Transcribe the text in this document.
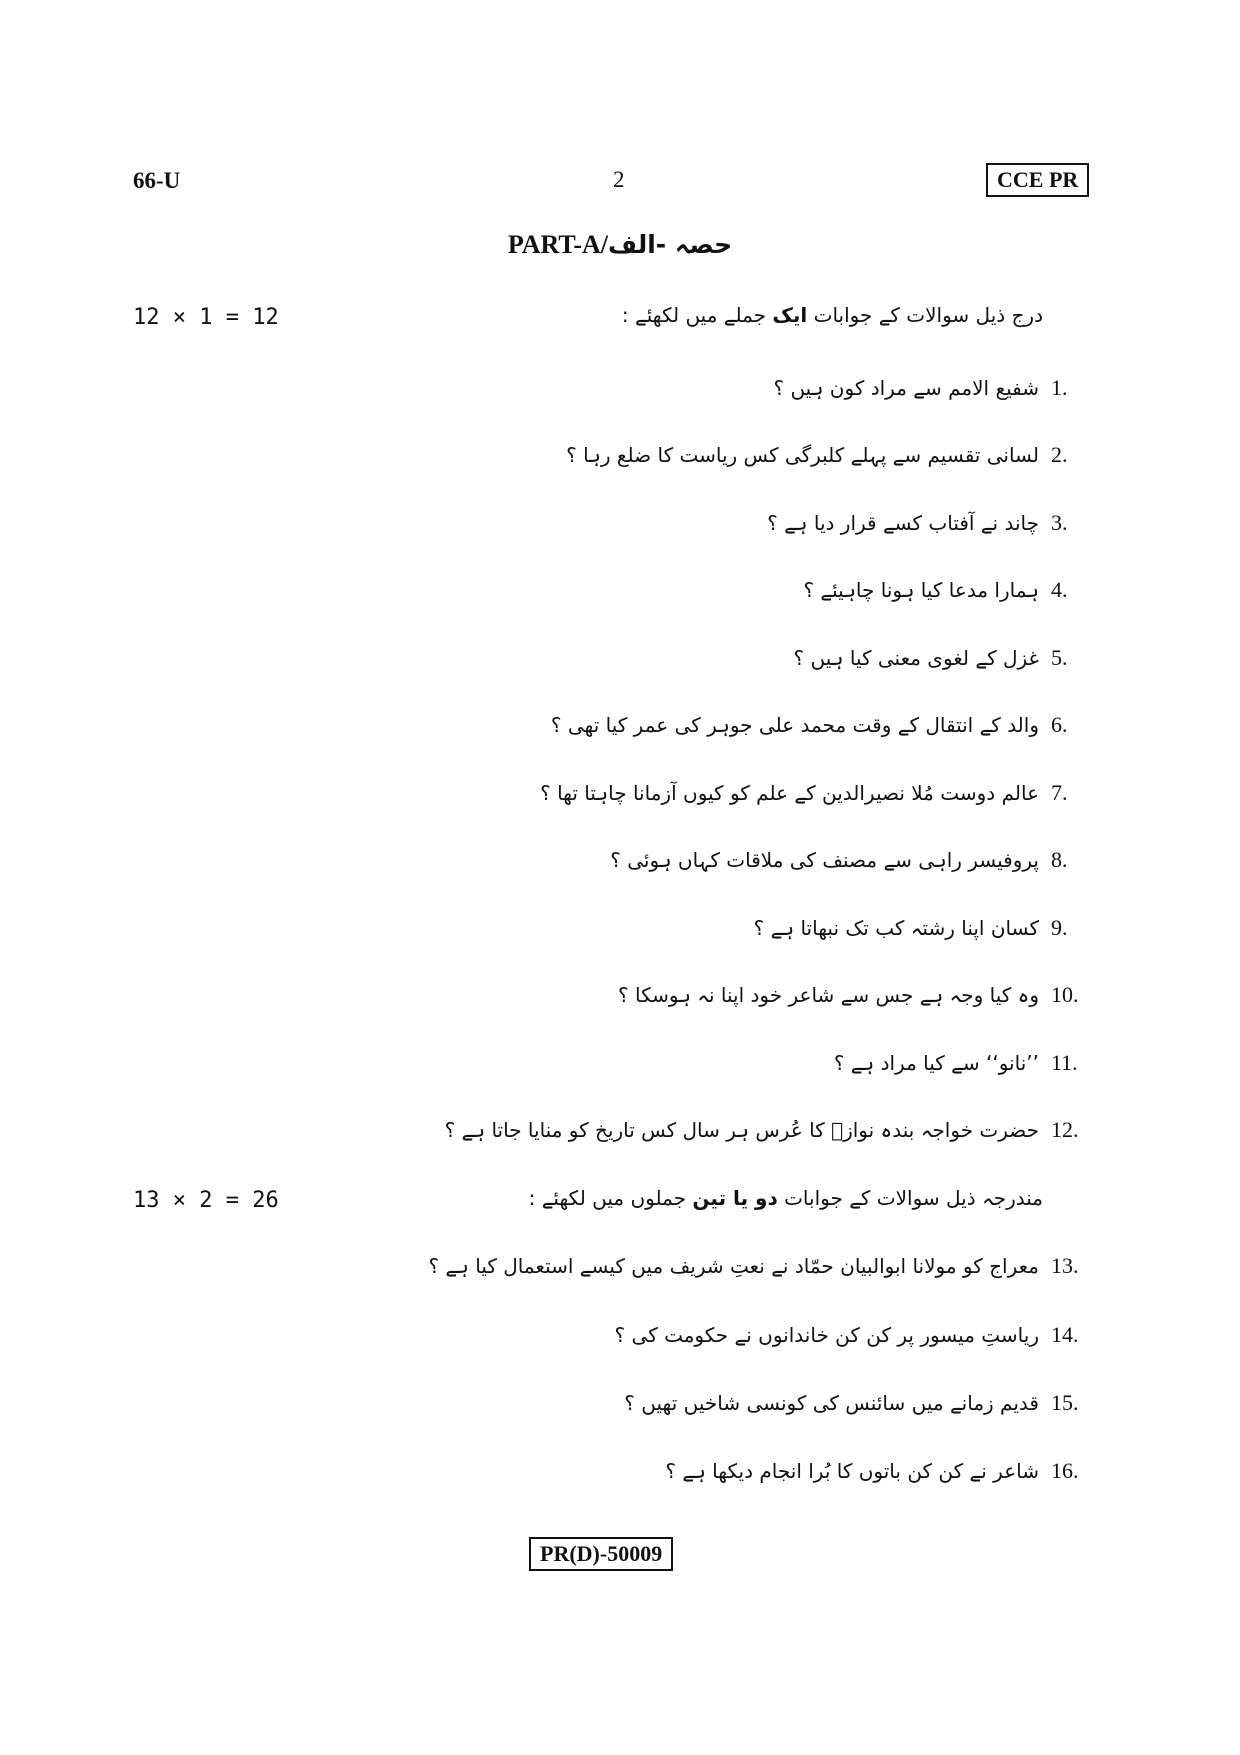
66-U	2	CCE PR
PART-A/حصہ -الف
12 × 1 = 12	درج ذیل سوالات کے جوابات ایک جملے میں لکھئے :
1.شفیع الامم سے مراد کون ہیں ؟
2.لسانی تقسیم سے پہلے کلبرگی کس ریاست کا ضلع رہا ؟
3.چاند نے آفتاب کسے قرار دیا ہے ؟
4.ہمارا مدعا کیا ہونا چاہیئے ؟
5.غزل کے لغوی معنی کیا ہیں ؟
6.والد کے انتقال کے وقت محمد علی جوہر کی عمر کیا تھی ؟
7.عالم دوست مُلا نصیرالدین کے علم کو کیوں آزمانا چاہتا تھا ؟
8.پروفیسر راہی سے مصنف کی ملاقات کہاں ہوئی ؟
9.کسان اپنا رشتہ کب تک نبھاتا ہے ؟
10.وہ کیا وجہ ہے جس سے شاعر خود اپنا نہ ہوسکا ؟
11.’’نانو‘‘ سے کیا مراد ہے ؟
12.حضرت خواجہ بندہ نوازؒ کا عُرس ہر سال کس تاریخ کو منایا جاتا ہے ؟
13 × 2 = 26	مندرجہ ذیل سوالات کے جوابات دو یا تین جملوں میں لکھئے :
13.معراج کو مولانا ابوالبیان حمّاد نے نعتِ شریف میں کیسے استعمال کیا ہے ؟
14.ریاستِ میسور پر کن کن خاندانوں نے حکومت کی ؟
15.قدیم زمانے میں سائنس کی کونسی شاخیں تھیں ؟
16.شاعر نے کن کن باتوں کا بُرا انجام دیکھا ہے ؟
PR(D)-50009
